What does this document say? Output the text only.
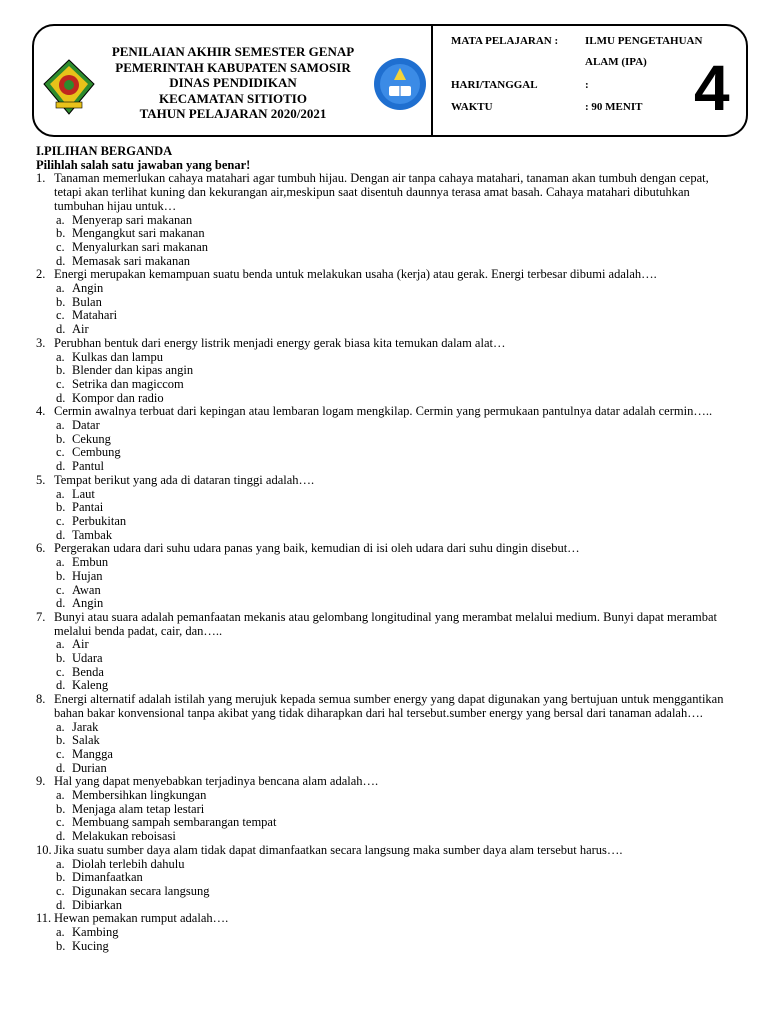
PENILAIAN AKHIR SEMESTER GENAP
PEMERINTAH KABUPATEN SAMOSIR
DINAS PENDIDIKAN
KECAMATAN SITIOTIO
TAHUN PELAJARAN 2020/2021
MATA PELAJARAN : ILMU PENGETAHUAN
ALAM (IPA)
HARI/TANGGAL	:
WAKTU	: 90 MENIT 4
I.PILIHAN BERGANDA
Pilihlah salah satu jawaban yang benar!
1. Tanaman memerlukan cahaya matahari agar tumbuh hijau. Dengan air tanpa cahaya matahari, tanaman akan tumbuh dengan cepat, tetapi akan terlihat kuning dan kekurangan air,meskipun saat disentuh daunnya terasa amat basah. Cahaya matahari dibutuhkan tumbuhan hijau untuk…
a. Menyerap sari makanan
b. Mengangkut sari makanan
c. Menyalurkan sari makanan
d. Memasak sari makanan
2. Energi merupakan kemampuan suatu benda untuk melakukan usaha (kerja) atau gerak. Energi terbesar dibumi adalah….
a. Angin
b. Bulan
c. Matahari
d. Air
3. Perubhan bentuk dari energy listrik menjadi energy gerak biasa kita temukan dalam alat…
a. Kulkas dan lampu
b. Blender dan kipas angin
c. Setrika dan magiccom
d. Kompor dan radio
4. Cermin awalnya terbuat dari kepingan atau lembaran logam mengkilap. Cermin yang permukaan pantulnya datar adalah cermin…..
a. Datar
b. Cekung
c. Cembung
d. Pantul
5. Tempat berikut yang ada di dataran tinggi adalah….
a. Laut
b. Pantai
c. Perbukitan
d. Tambak
6. Pergerakan udara dari suhu udara panas yang baik, kemudian di isi oleh udara dari suhu dingin disebut…
a. Embun
b. Hujan
c. Awan
d. Angin
7. Bunyi atau suara adalah pemanfaatan mekanis atau gelombang longitudinal yang merambat melalui medium. Bunyi dapat merambat melalui benda padat, cair, dan…..
a. Air
b. Udara
c. Benda
d. Kaleng
8. Energi alternatif adalah istilah yang merujuk kepada semua sumber energy yang dapat digunakan yang bertujuan untuk menggantikan bahan bakar konvensional tanpa akibat yang tidak diharapkan dari hal tersebut.sumber energy yang bersal dari tanaman adalah….
a. Jarak
b. Salak
c. Mangga
d. Durian
9. Hal yang dapat menyebabkan terjadinya bencana alam adalah….
a. Membersihkan lingkungan
b. Menjaga alam tetap lestari
c. Membuang sampah sembarangan tempat
d. Melakukan reboisasi
10. Jika suatu sumber daya alam tidak dapat dimanfaatkan secara langsung maka sumber daya alam tersebut harus….
a. Diolah terlebih dahulu
b. Dimanfaatkan
c. Digunakan secara langsung
d. Dibiarkan
11. Hewan pemakan rumput adalah….
a. Kambing
b. Kucing
